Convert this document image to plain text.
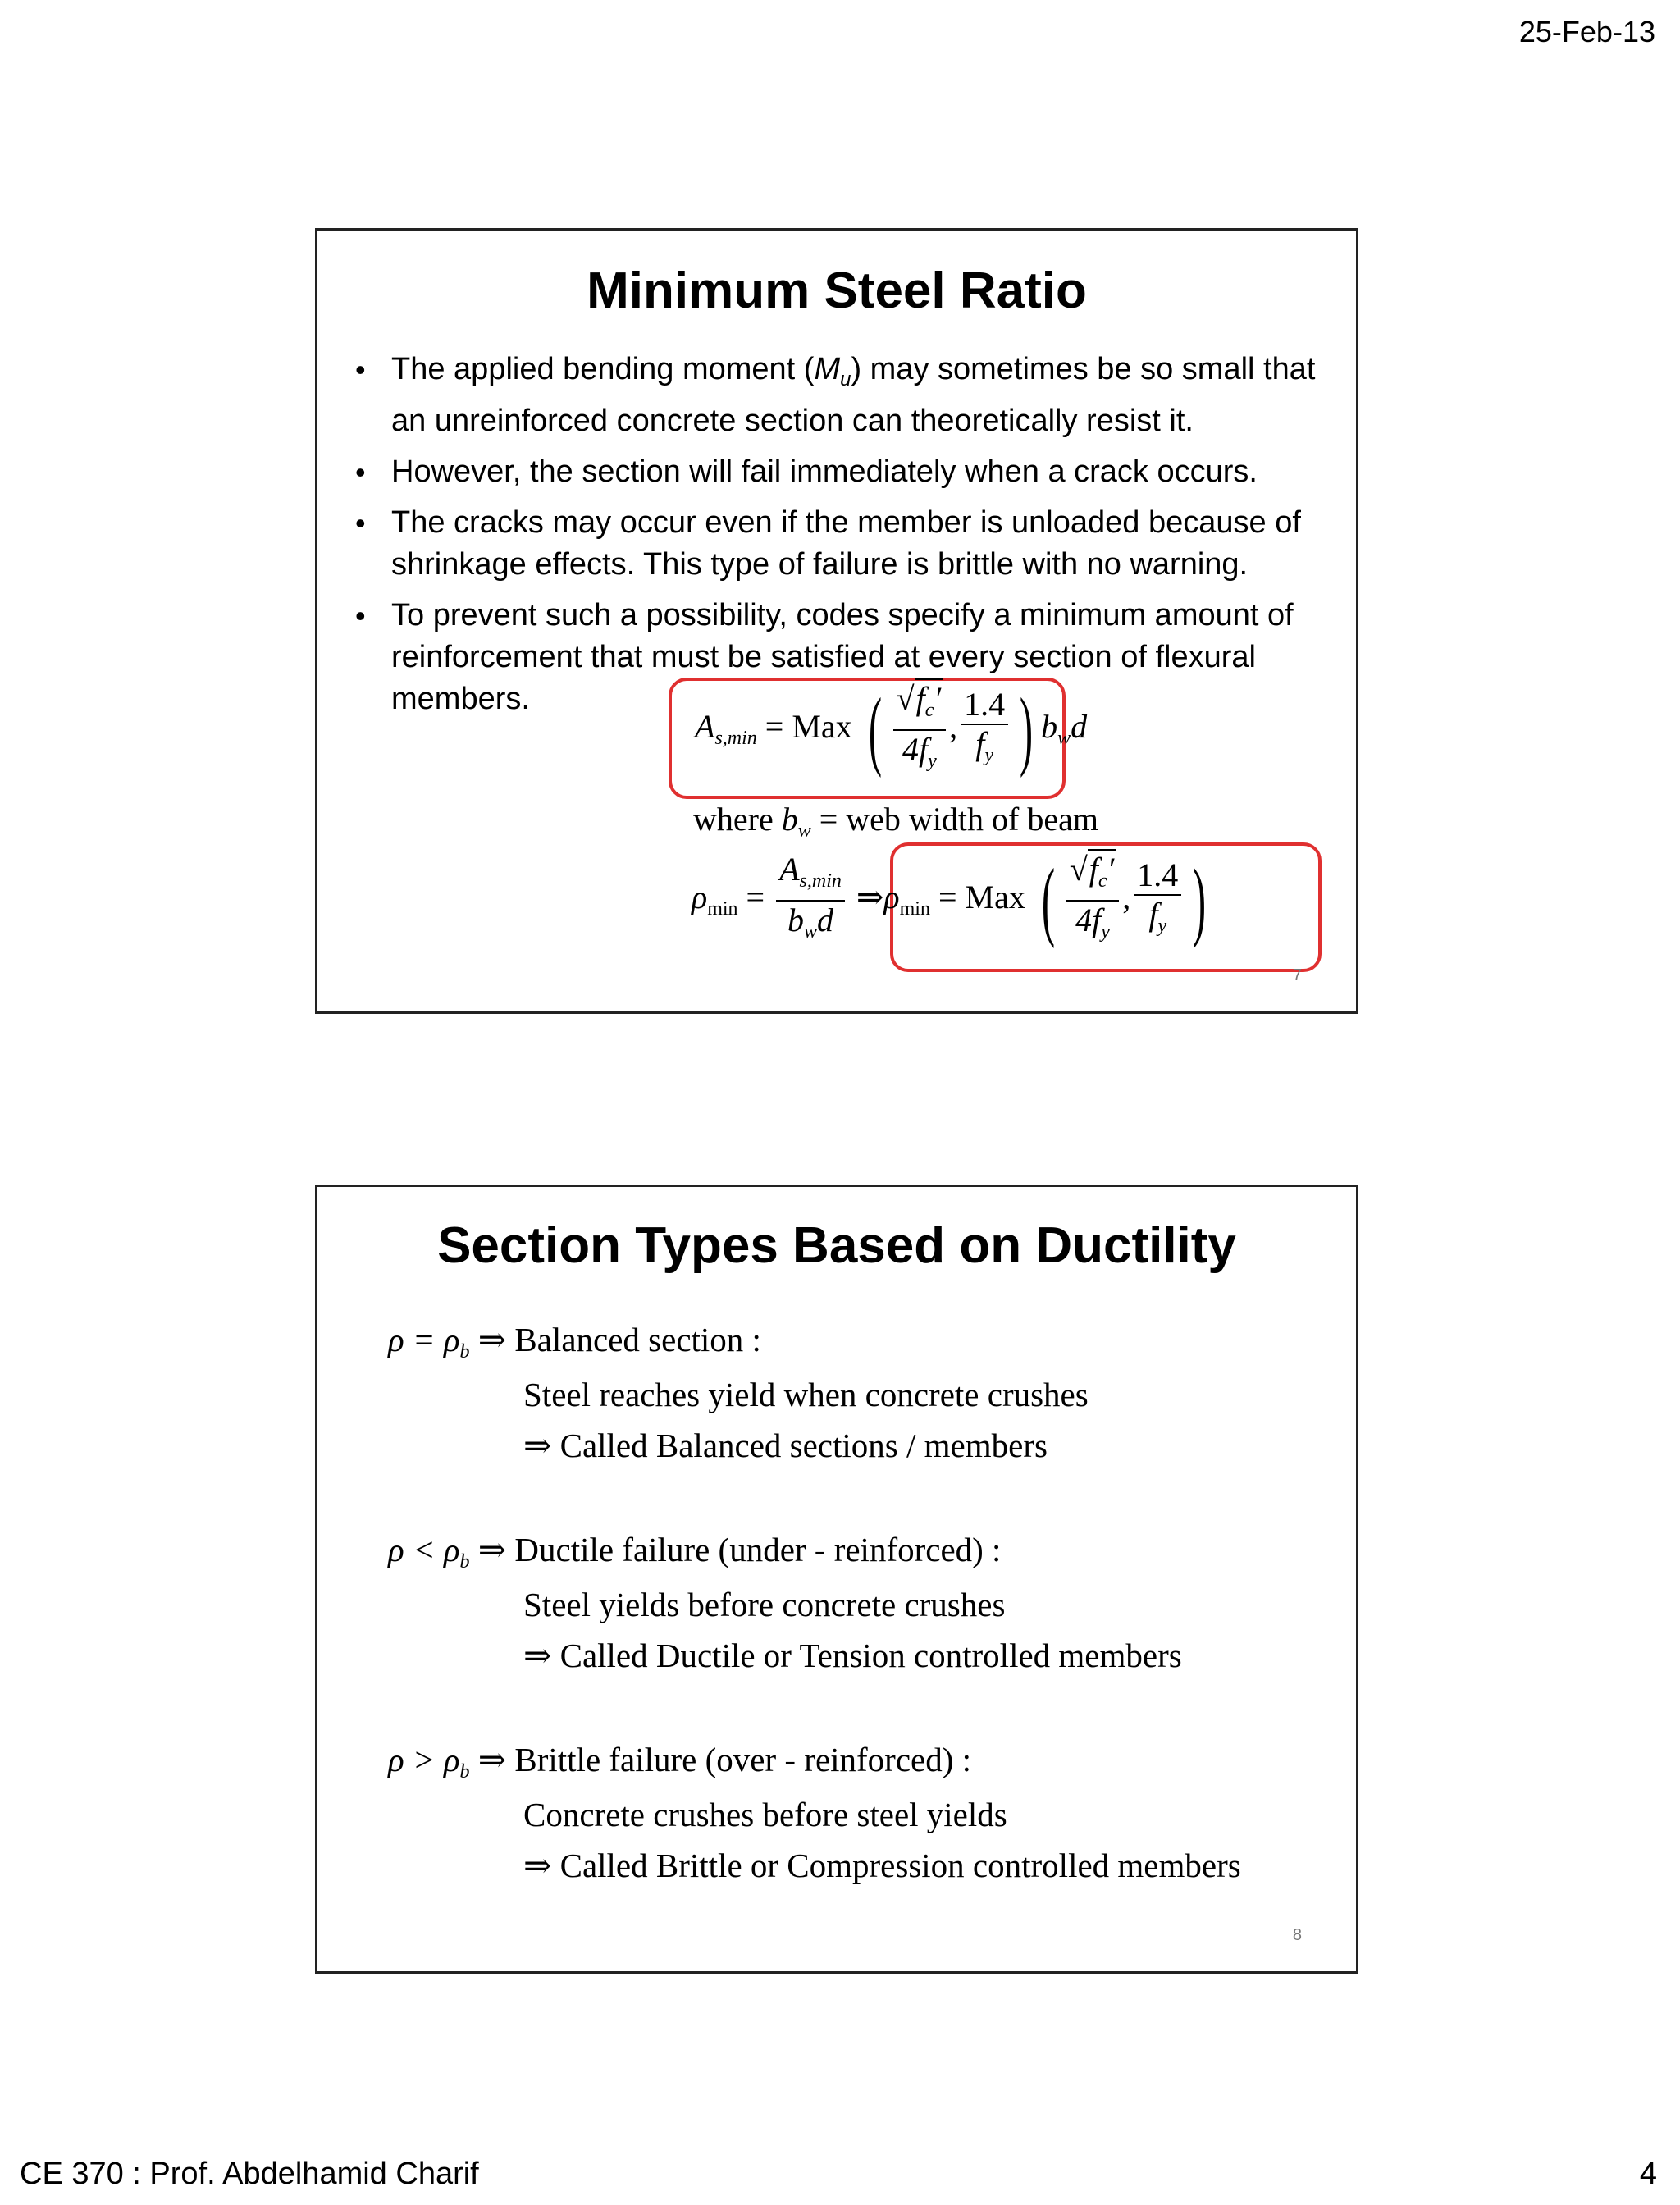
25-Feb-13
Minimum Steel Ratio
• The applied bending moment $(M_u)$ may sometimes be so small that an unreinforced concrete section can theoretically resist it.
• However, the section will fail immediately when a crack occurs.
• The cracks may occur even if the member is unloaded because of shrinkage effects. This type of failure is brittle with no warning.
• To prevent such a possibility, codes specify a minimum amount of reinforcement that must be satisfied at every section of flexural members.
$A_{s,min}$ = Max ( $\frac{√f_c'}{4f_y}$ , $\frac{1.4}{f_y}$ ) $b_wd$
where $b_w$ = web width of beam
$\rho_{min} = \frac{A_{s,min}}{b_wd}$ $\Rightarrow\rho_{min}$ = Max ( $\frac{√f_c'}{4f_y}$ , $\frac{1.4}{f_y}$ )
7
Section Types Based on Ductility
$\rho = \rho_b$ ⇒ Balanced section :
Steel reaches yield when concrete crushes
⇒ Called Balanced sections / members
$\rho < \rho_b$ ⇒ Ductile failure (under - reinforced) :
Steel yields before concrete crushes
⇒ Called Ductile or Tension controlled members
$\rho > \rho_b$ ⇒ Brittle failure (over - reinforced) :
Concrete crushes before steel yields
⇒ Called Brittle or Compression controlled members
8
CE 370 : Prof. Abdelhamid Charif	4
